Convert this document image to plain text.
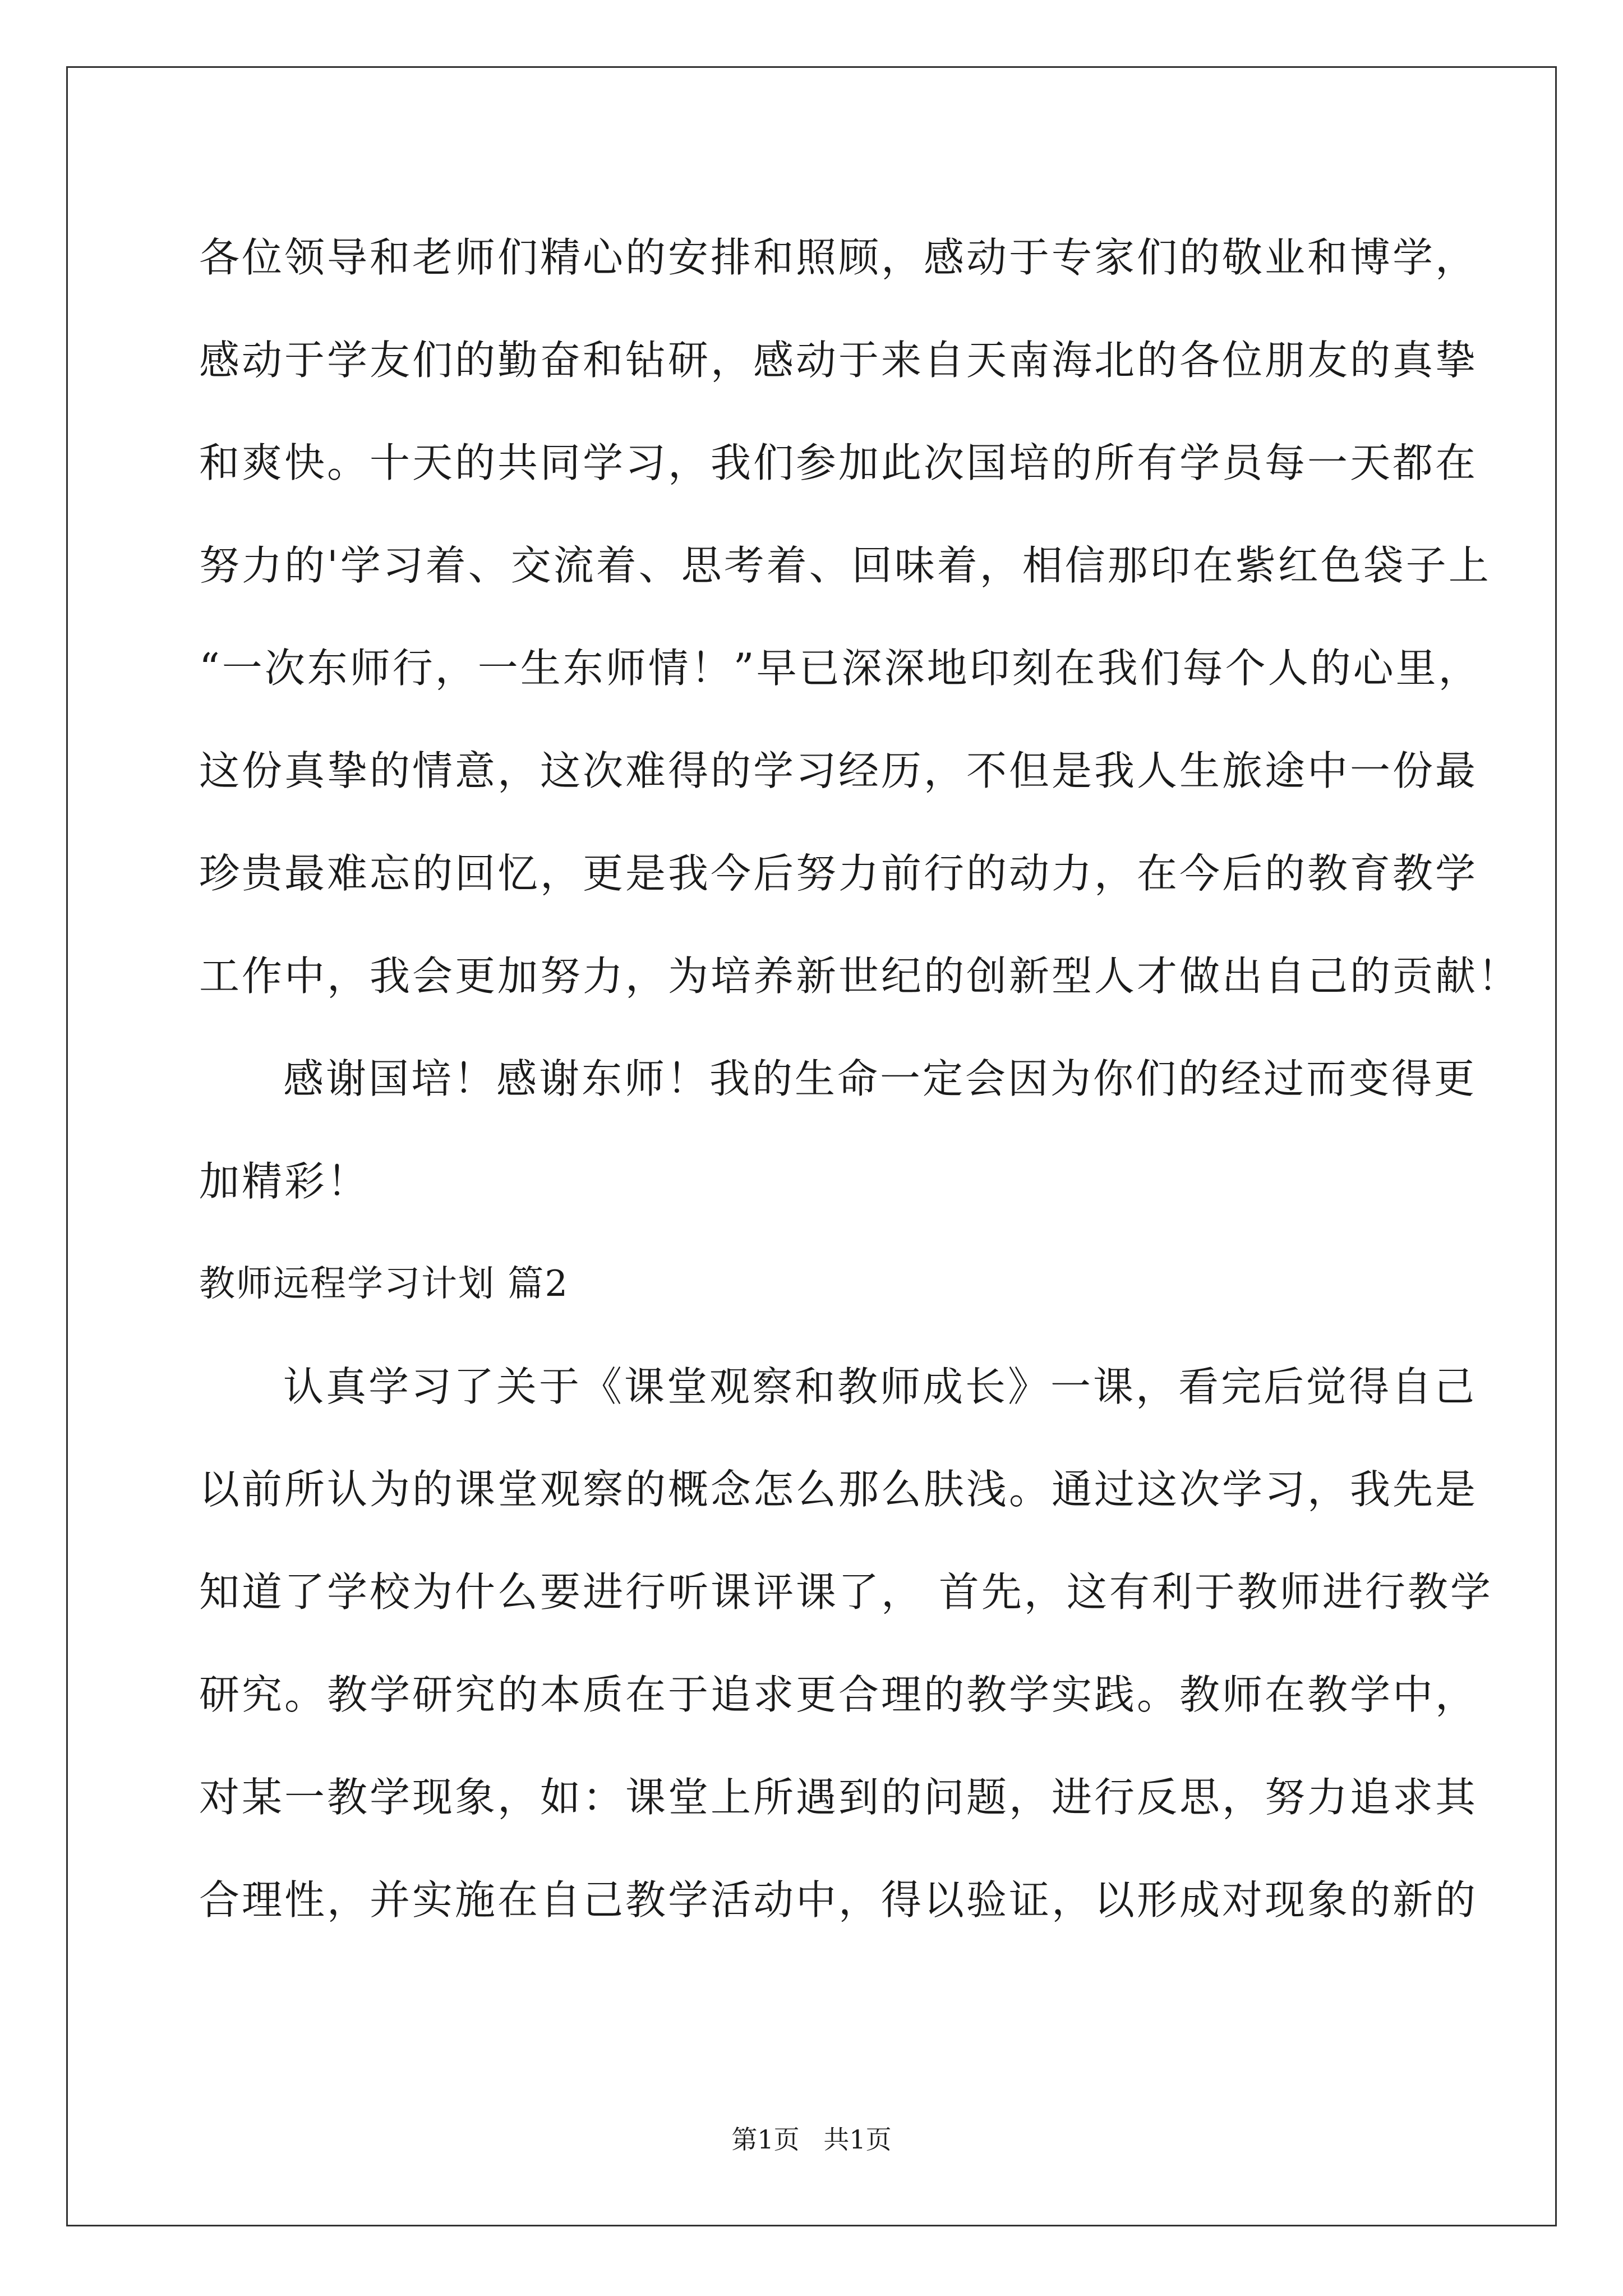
各位领导和老师们精心的安排和照顾，感动于专家们的敬业和博学，
感动于学友们的勤奋和钻研，感动于来自天南海北的各位朋友的真挚
和爽快。十天的共同学习，我们参加此次国培的所有学员每一天都在
努力的'学习着、交流着、思考着、回味着，相信那印在紫红色袋子上
“一次东师行，一生东师情！”早已深深地印刻在我们每个人的心里，
这份真挚的情意，这次难得的学习经历，不但是我人生旅途中一份最
珍贵最难忘的回忆，更是我今后努力前行的动力，在今后的教育教学
工作中，我会更加努力，为培养新世纪的创新型人才做出自己的贡献！
感谢国培！感谢东师！我的生命一定会因为你们的经过而变得更
加精彩！
教师远程学习计划 篇2
认真学习了关于《课堂观察和教师成长》一课，看完后觉得自己
以前所认为的课堂观察的概念怎么那么肤浅。通过这次学习，我先是
知道了学校为什么要进行听课评课了， 首先，这有利于教师进行教学
研究。教学研究的本质在于追求更合理的教学实践。教师在教学中，
对某一教学现象，如：课堂上所遇到的问题，进行反思，努力追求其
合理性，并实施在自己教学活动中，得以验证，以形成对现象的新的
第1页 共1页
